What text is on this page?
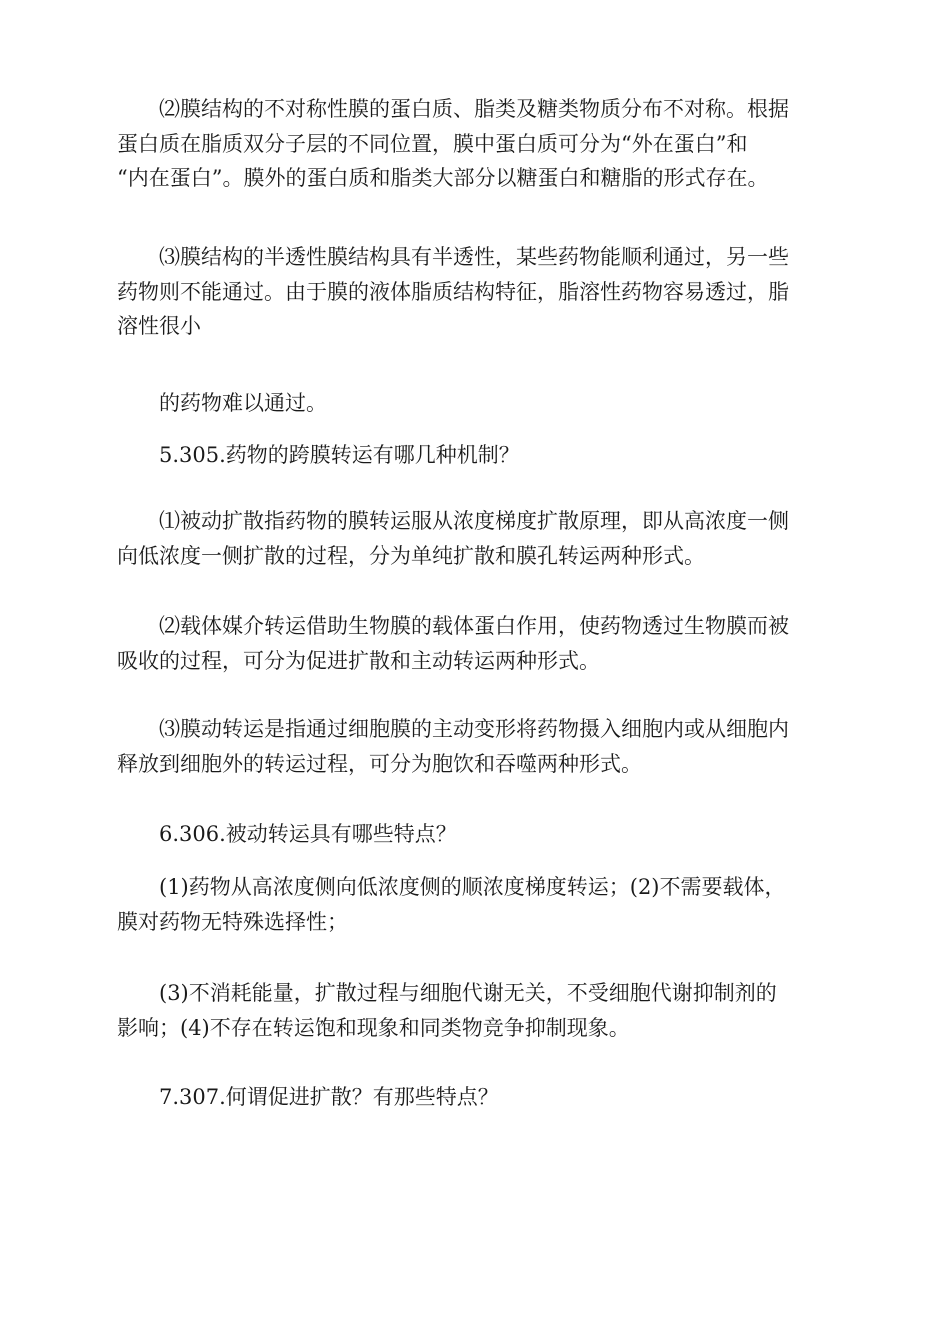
⑵膜结构的不对称性膜的蛋白质、脂类及糖类物质分布不对称。根据
蛋白质在脂质双分子层的不同位置，膜中蛋白质可分为“外在蛋白”和
“内在蛋白”。膜外的蛋白质和脂类大部分以糖蛋白和糖脂的形式存在。

⑶膜结构的半透性膜结构具有半透性，某些药物能顺利通过，另一些
药物则不能通过。由于膜的液体脂质结构特征，脂溶性药物容易透过，脂
溶性很小

的药物难以通过。

5.305.药物的跨膜转运有哪几种机制？

⑴被动扩散指药物的膜转运服从浓度梯度扩散原理，即从高浓度一侧
向低浓度一侧扩散的过程，分为单纯扩散和膜孔转运两种形式。

⑵载体媒介转运借助生物膜的载体蛋白作用，使药物透过生物膜而被
吸收的过程，可分为促进扩散和主动转运两种形式。

⑶膜动转运是指通过细胞膜的主动变形将药物摄入细胞内或从细胞内
释放到细胞外的转运过程，可分为胞饮和吞噬两种形式。

6.306.被动转运具有哪些特点？

(1)药物从高浓度侧向低浓度侧的顺浓度梯度转运；(2)不需要载体，
膜对药物无特殊选择性；

(3)不消耗能量，扩散过程与细胞代谢无关，不受细胞代谢抑制剂的
影响；(4)不存在转运饱和现象和同类物竞争抑制现象。

7.307.何谓促进扩散？有那些特点？
